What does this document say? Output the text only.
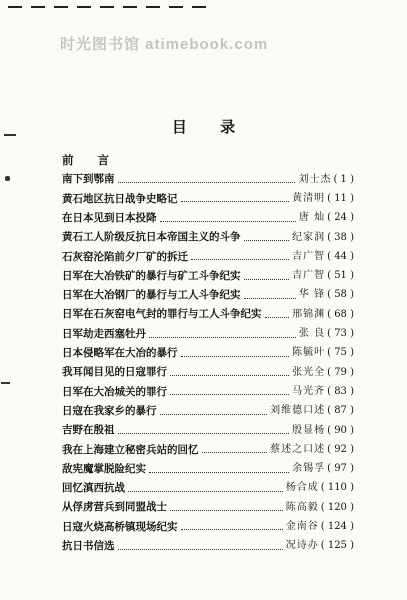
时光图书馆 atimebook.com
目 录
前 言
南下到鄂南	刘士杰 ( 1 )
黄石地区抗日战争史略记	黄清明 ( 11 )
在日本见到日本投降	唐 灿 ( 24 )
黄石工人阶级反抗日本帝国主义的斗争	纪家润 ( 38 )
石灰窑沦陷前夕厂矿的拆迁	吉广智 ( 44 )
日军在大冶铁矿的暴行与矿工斗争纪实	吉广智 ( 51 )
日军在大冶钢厂的暴行与工人斗争纪实	华 锋 ( 58 )
日军在石灰窑电气封的罪行与工人斗争纪实	邢锦渊 ( 68 )
日军劫走西塞牡丹	张 良 ( 73 )
日本侵略军在大冶的暴行	陈毓叶 ( 75 )
我耳闻目见的日寇罪行	张光全 ( 79 )
日军在大冶城关的罪行	马光齐 ( 83 )
日寇在我家乡的暴行	刘维德口述 ( 87 )
吉野在殷祖	殷显杨 ( 90 )
我在上海建立秘密兵站的回忆	蔡述之口述 ( 92 )
敌宪魔掌脱险纪实	余锡孚 ( 97 )
回忆滇西抗战	杨合成 ( 110 )
从俘虏营兵到同盟战士	陈高毅 ( 120 )
日寇火烧高桥镇现场纪实	金南谷 ( 124 )
抗日书信选	况诗办 ( 125 )
